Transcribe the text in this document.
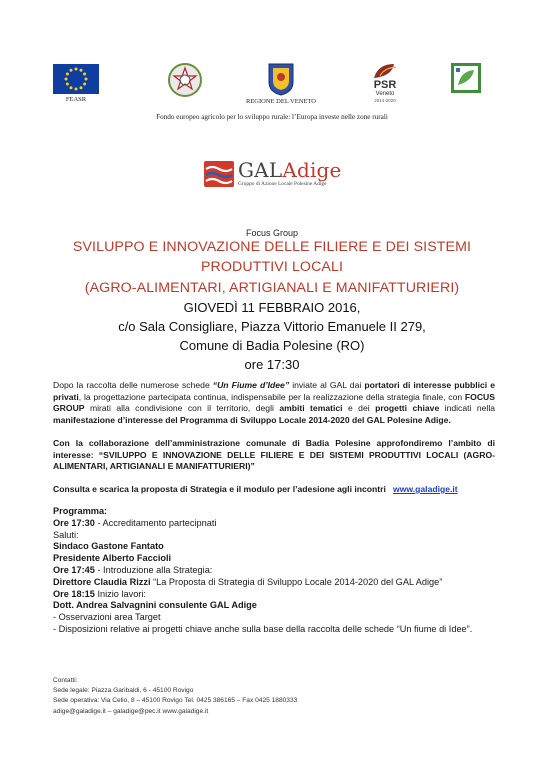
FEASR	REGIONE DEL VENETO
PSR
Veneto
2014-2020
Fondo europeo agricolo per lo sviluppo rurale: l’Europa investe nelle zone rurali
GALAdige
Gruppo di Azione Locale Polesine Adige
Focus Group
SVILUPPO E INNOVAZIONE DELLE FILIERE E DEI SISTEMI
PRODUTTIVI LOCALI
(AGRO-ALIMENTARI, ARTIGIANALI E MANIFATTURIERI)
GIOVEDÌ 11 FEBBRAIO 2016,
c/o Sala Consigliare, Piazza Vittorio Emanuele II 279,
Comune di Badia Polesine (RO)
ore 17:30
Dopo la raccolta delle numerose schede “Un Fiume d’Idee” inviate al GAL dai portatori di interesse pubblici e privati, la progettazione partecipata continua, indispensabile per la realizzazione della strategia finale, con FOCUS GROUP mirati alla condivisione con il territorio, degli ambiti tematici e dei progetti chiave indicati nella manifestazione d’interesse del Programma di Sviluppo Locale 2014-2020 del GAL Polesine Adige.
Con la collaborazione dell’amministrazione comunale di Badia Polesine approfondiremo l’ambito di interesse: “SVILUPPO E INNOVAZIONE DELLE FILIERE E DEI SISTEMI PRODUTTIVI LOCALI (AGRO-ALIMENTARI, ARTIGIANALI E MANIFATTURIERI)”
Consulta e scarica la proposta di Strategia e il modulo per l’adesione agli incontri www.galadige.it
Programma:
Ore 17:30 - Accreditamento partecipnati
Saluti:
Sindaco Gastone Fantato
Presidente Alberto Faccioli
Ore 17:45 - Introduzione alla Strategia:
Direttore Claudia Rizzi “La Proposta di Strategia di Sviluppo Locale 2014-2020 del GAL Adige”
Ore 18:15 Inizio lavori:
Dott. Andrea Salvagnini consulente GAL Adige
- Osservazioni area Target
- Disposizioni relative ai progetti chiave anche sulla base della raccolta delle schede “Un fiume di Idee”.
Contatti:
Sede legale: Piazza Garibaldi, 6 - 45100 Rovigo
Sede operativa: Via Celio, 8 – 45100 Rovigo Tel. 0425 386165 – Fax 0425 1880333
adige@galadige.it – galadige@pec.it www.galadige.it
